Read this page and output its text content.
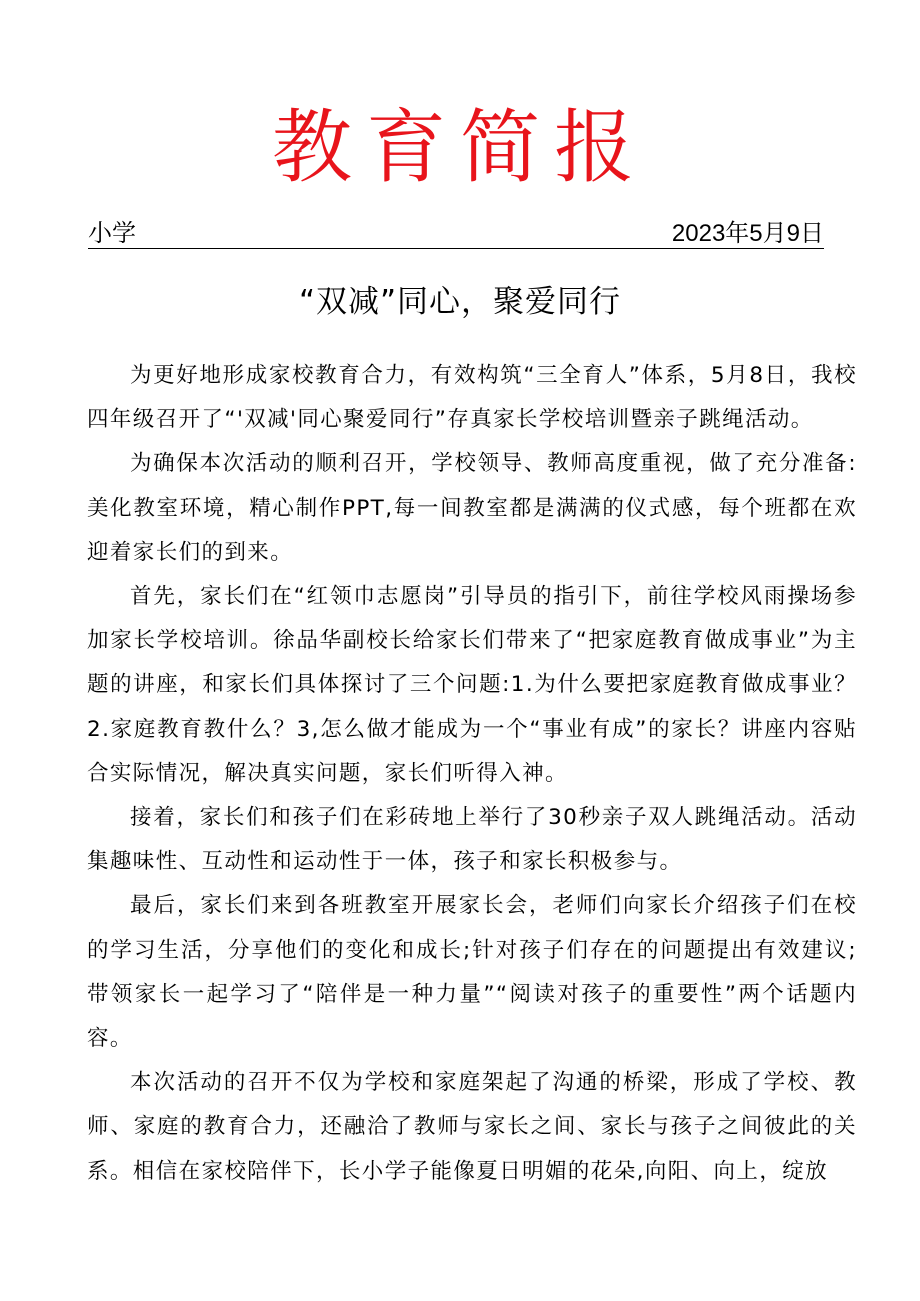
教育简报
小学	2023年5月9日
“双减”同心，聚爱同行

为更好地形成家校教育合力，有效构筑“三全育人”体系，5月8日，我校四年级召开了“'双减'同心聚爱同行”存真家长学校培训暨亲子跳绳活动。

为确保本次活动的顺利召开，学校领导、教师高度重视，做了充分准备:美化教室环境，精心制作PPT,每一间教室都是满满的仪式感，每个班都在欢迎着家长们的到来。

首先，家长们在“红领巾志愿岗”引导员的指引下，前往学校风雨操场参加家长学校培训。徐品华副校长给家长们带来了“把家庭教育做成事业”为主题的讲座，和家长们具体探讨了三个问题:1.为什么要把家庭教育做成事业？2.家庭教育教什么？3,怎么做才能成为一个“事业有成”的家长？讲座内容贴合实际情况，解决真实问题，家长们听得入神。

接着，家长们和孩子们在彩砖地上举行了30秒亲子双人跳绳活动。活动集趣味性、互动性和运动性于一体，孩子和家长积极参与。

最后，家长们来到各班教室开展家长会，老师们向家长介绍孩子们在校的学习生活，分享他们的变化和成长;针对孩子们存在的问题提出有效建议;带领家长一起学习了“陪伴是一种力量”“阅读对孩子的重要性”两个话题内容。

本次活动的召开不仅为学校和家庭架起了沟通的桥梁，形成了学校、教师、家庭的教育合力，还融洽了教师与家长之间、家长与孩子之间彼此的关系。相信在家校陪伴下，长小学子能像夏日明媚的花朵,向阳、向上，绽放
